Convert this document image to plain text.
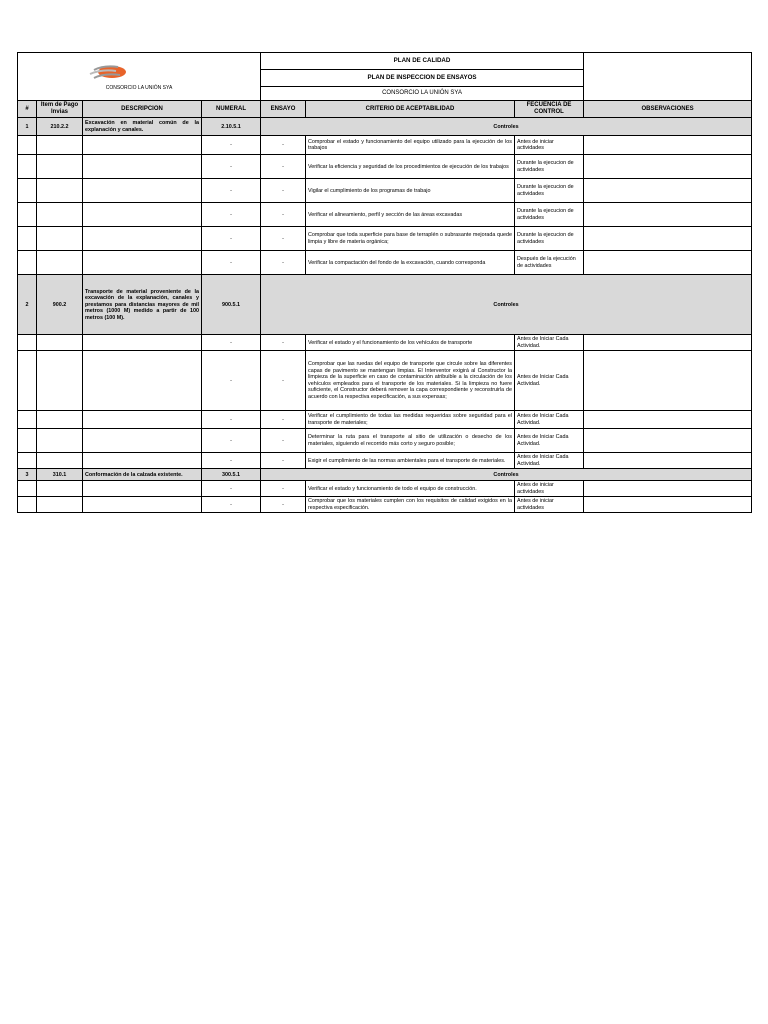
CONSORCIO LA UNIÓN SYA				PLAN DE CALIDAD			
				PLAN DE INSPECCION DE ENSAYOS			
				CONSORCIO LA UNIÓN SYA			
#	Item de Pago Invias	DESCRIPCION	NUMERAL	ENSAYO	CRITERIO DE ACEPTABILIDAD	FECUENCIA DE CONTROL	OBSERVACIONES
1	210.2.2	Excavación en material común de la explanación y canales.	2.10.5.1	Controles			
			-	-	Comprobar el estado y funcionamiento del equipo utilizado para la ejecución de los trabajos	Antes de iniciar actividades	
			-	-	Verificar la eficiencia y seguridad de los procedimientos de ejecución de los trabajos	Durante la ejecucion de actividades	
			-	-	Vigilar el cumplimiento de los programas de trabajo	Durante la ejecucion de actividades	
			-	-	Verificar el alineamiento, perfil y sección de las áreas excavadas	Durante la ejecucion de actividades	
			-	-	Comprobar que toda superficie para base de terraplén o subrasante mejorada quede limpia y libre de materia orgánica;	Durante la ejecucion de actividades	
			-	-	Verificar la compactación del fondo de la excavación, cuando corresponda	Después de la ejecución de actividades	
2	900.2	Transporte de material proveniente de la excavación de la explanación, canales y prestamos para distancias mayores de mil metros (1000 M) medido a partir de 100 metros (100 M).	900.5.1	Controles			
			-	-	Verificar el estado y el funcionamiento de los vehículos de transporte	Antes de Iniciar Cada Actividad.	
			-	-	Comprobar que las ruedas del equipo de transporte que circule sobre las diferentes capas de pavimento se mantengan limpias. El Interventor exigirá al Constructor la limpieza de la superficie en caso de contaminación atribuible a la circulación de los vehículos empleados para el transporte de los materiales. Si la limpieza no fuere suficiente, el Constructor deberá remover la capa correspondiente y reconstruirla de acuerdo con la respectiva especificación, a sus expensas;	Antes de Iniciar Cada Actividad.	
			-	-	Verificar el cumplimiento de todas las medidas requeridas sobre seguridad para el transporte de materiales;	Antes de Iniciar Cada Actividad.	
			-	-	Determinar la ruta para el transporte al sitio de utilización o desecho de los materiales, siguiendo el recorrido más corto y seguro posible;	Antes de Iniciar Cada Actividad.	
			-	-	Exigir el cumplimiento de las normas ambientales para el transporte de materiales.	Antes de Iniciar Cada Actividad.	
3	310.1	Conformación de la calzada existente.	300.5.1	Controles			
			-	-	Verificar el estado y funcionamiento de todo el equipo de construcción.	Antes de iniciar actividades	
			-	-	Comprobar que los materiales cumplen con los requisitos de calidad exigidos en la respectiva especificación.	Antes de iniciar actividades	
